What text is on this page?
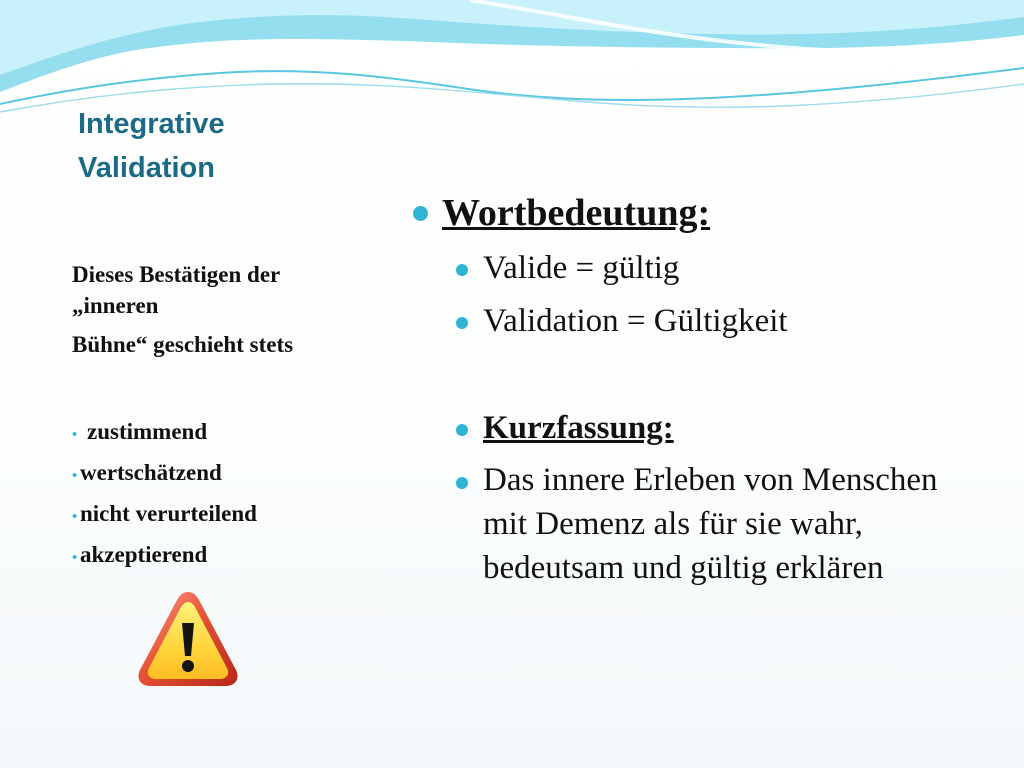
Integrative
Validation
Dieses Bestätigen der
„inneren
Bühne“ geschieht stets
• zustimmend
• wertschätzend
• nicht verurteilend
• akzeptierend
Wortbedeutung:
Valide = gültig
Validation = Gültigkeit
Kurzfassung:
Das innere Erleben von Menschen mit Demenz als für sie wahr, bedeutsam und gültig erklären
